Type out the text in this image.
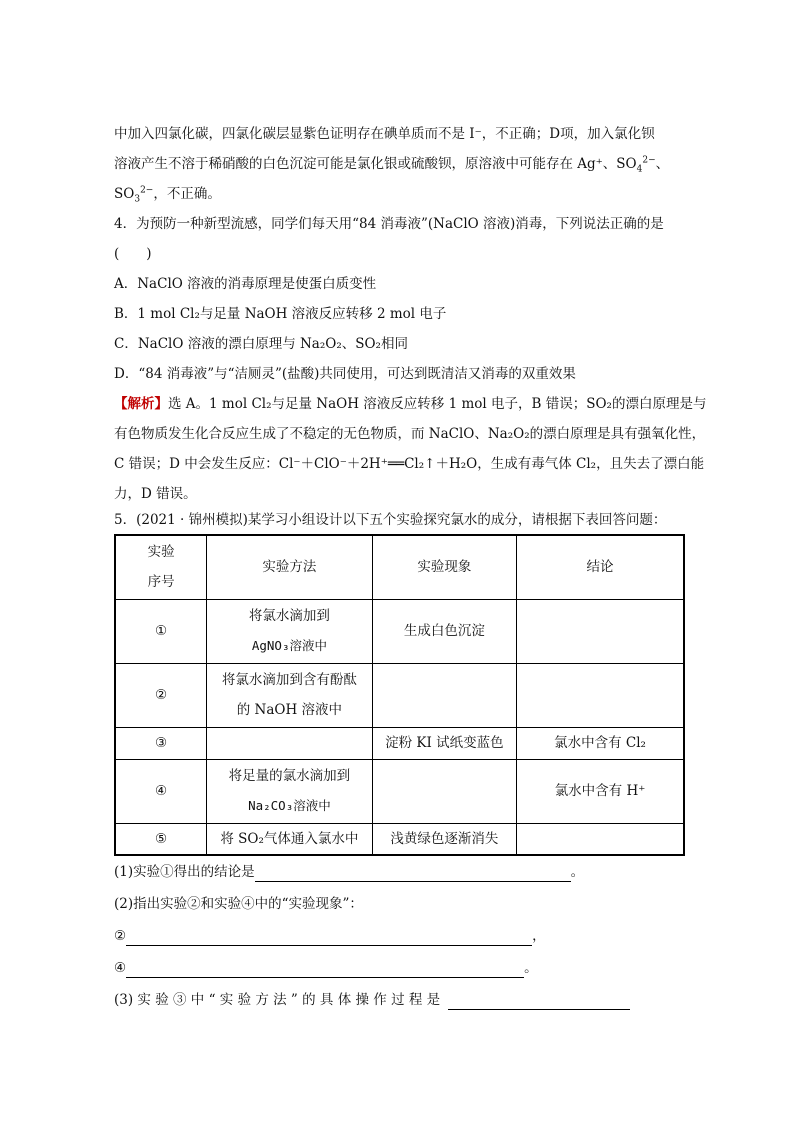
中加入四氯化碳，四氯化碳层显紫色证明存在碘单质而不是 I⁻，不正确；D项，加入氯化钡
溶液产生不溶于稀硝酸的白色沉淀可能是氯化银或硫酸钡，原溶液中可能存在 Ag⁺、$SO_4^{2-}$、
$SO_3^{2-}$，不正确。
4．为预防一种新型流感，同学们每天用“84 消毒液”(NaClO 溶液)消毒，下列说法正确的是
(　　)
A．NaClO 溶液的消毒原理是使蛋白质变性
B．1 mol Cl₂与足量 NaOH 溶液反应转移 2 mol 电子
C．NaClO 溶液的漂白原理与 Na₂O₂、SO₂相同
D．“84 消毒液”与“洁厕灵”(盐酸)共同使用，可达到既清洁又消毒的双重效果
【解析】选 A。1 mol Cl₂与足量 NaOH 溶液反应转移 1 mol 电子，B 错误；SO₂的漂白原理是与
有色物质发生化合反应生成了不稳定的无色物质，而 NaClO、Na₂O₂的漂白原理是具有强氧化性，
C 错误；D 中会发生反应：Cl⁻＋ClO⁻＋2H⁺══Cl₂↑＋H₂O，生成有毒气体 Cl₂，且失去了漂白能
力，D 错误。
5．(2021 · 锦州模拟)某学习小组设计以下五个实验探究氯水的成分，请根据下表回答问题：
实验
序号	实验方法	实验现象	结论
①	将氯水滴加到
AgNO₃溶液中	生成白色沉淀	
②	将氯水滴加到含有酚酞
的 NaOH 溶液中		

③		淀粉 KI 试纸变蓝色	氯水中含有 Cl₂
④	将足量的氯水滴加到
Na₂CO₃溶液中		氯水中含有 H⁺
⑤	将 SO₂气体通入氯水中	浅黄绿色逐渐消失	
(1)实验①得出的结论是	。
(2)指出实验②和实验④中的“实验现象”：
②	，
④	。
(3) 实 验 ③ 中 “ 实 验 方 法 ” 的 具 体 操 作 过 程 是
